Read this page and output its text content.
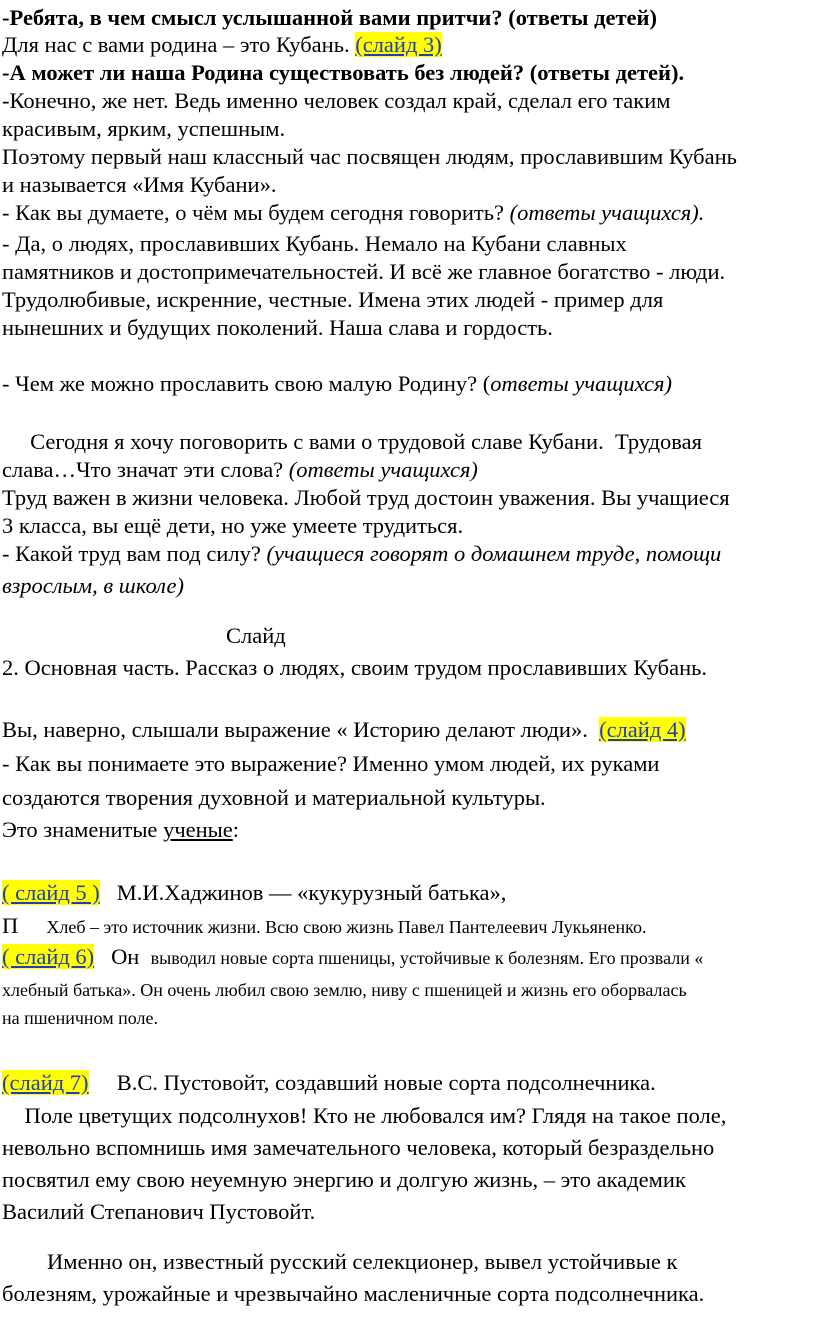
-Ребята, в чем смысл услышанной вами притчи? (ответы детей)
Для нас с вами родина – это Кубань. (слайд 3)
-А может ли наша Родина существовать без людей? (ответы детей).
-Конечно, же нет. Ведь именно человек создал край, сделал его таким
красивым, ярким, успешным.
Поэтому первый наш классный час посвящен людям, прославившим Кубань
и называется «Имя Кубани».
- Как вы думаете, о чём мы будем сегодня говорить? (ответы учащихся).
- Да, о людях, прославивших Кубань. Немало на Кубани славных
памятников и достопримечательностей. И всё же главное богатство - люди.
Трудолюбивые, искренние, честные. Имена этих людей - пример для
нынешних и будущих поколений. Наша слава и гордость.
- Чем же можно прославить свою малую Родину? (ответы учащихся)
Сегодня я хочу поговорить с вами о трудовой славе Кубани.  Трудовая
слава…Что значат эти слова? (ответы учащихся)
Труд важен в жизни человека. Любой труд достоин уважения. Вы учащиеся
3 класса, вы ещё дети, но уже умеете трудиться.
- Какой труд вам под силу? (учащиеся говорят о домашнем труде, помощи
взрослым, в школе)
Слайд
2. Основная часть. Рассказ о людях, своим трудом прославивших Кубань.
Вы, наверно, слышали выражение « Историю делают люди».  (слайд 4)
- Как вы понимаете это выражение? Именно умом людей, их руками
создаются творения духовной и материальной культуры.
Это знаменитые ученые:
( слайд 5 )   М.И.Хаджинов — «кукурузный батька»,
П     Хлеб – это источник жизни. Всю свою жизнь Павел Пантелеевич Лукьяненко.
( слайд 6)   Он  выводил новые сорта пшеницы, устойчивые к болезням. Его прозвали «
хлебный батька». Он очень любил свою землю, ниву с пшеницей и жизнь его оборвалась
на пшеничном поле.
(слайд 7)     В.С. Пустовойт, создавший новые сорта подсолнечника.
Поле цветущих подсолнухов! Кто не любовался им? Глядя на такое поле,
невольно вспомнишь имя замечательного человека, который безраздельно
посвятил ему свою неуемную энергию и долгую жизнь, – это академик
Василий Степанович Пустовойт.
Именно он, известный русский селекционер, вывел устойчивые к
болезням, урожайные и чрезвычайно масленичные сорта подсолнечника.
